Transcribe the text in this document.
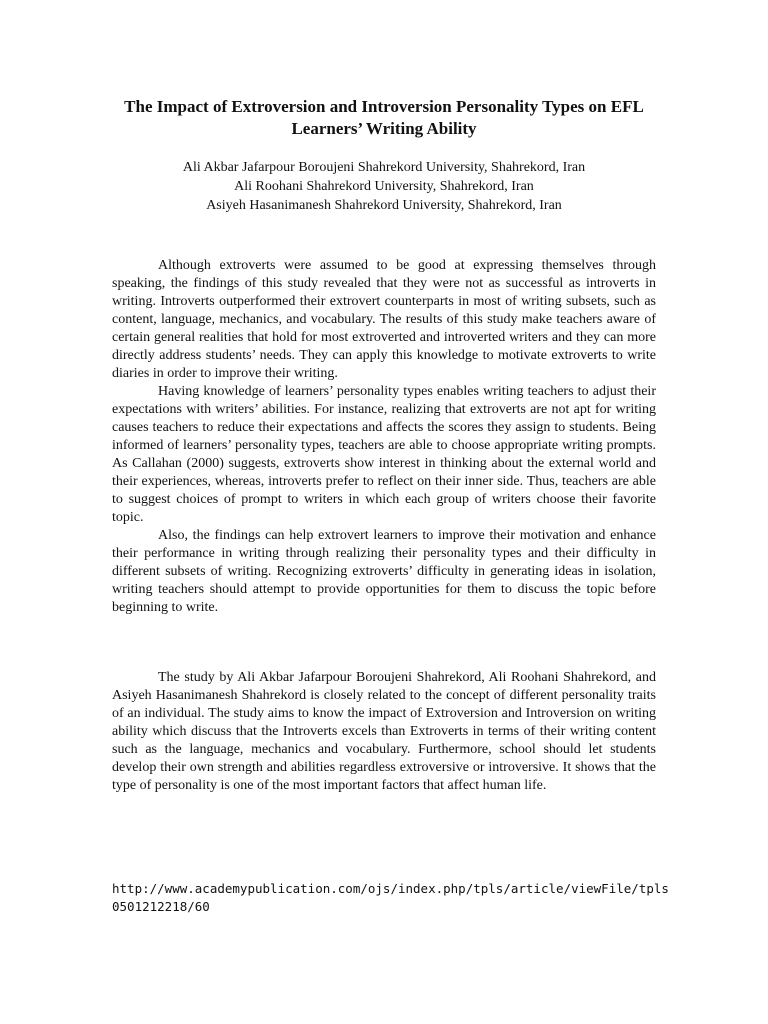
The Impact of Extroversion and Introversion Personality Types on EFL
Learners’ Writing Ability
Ali Akbar Jafarpour Boroujeni Shahrekord University, Shahrekord, Iran
Ali Roohani Shahrekord University, Shahrekord, Iran
Asiyeh Hasanimanesh Shahrekord University, Shahrekord, Iran

Although extroverts were assumed to be good at expressing themselves through speaking, the findings of this study revealed that they were not as successful as introverts in writing. Introverts outperformed their extrovert counterparts in most of writing subsets, such as content, language, mechanics, and vocabulary. The results of this study make teachers aware of certain general realities that hold for most extroverted and introverted writers and they can more directly address students’ needs. They can apply this knowledge to motivate extroverts to write diaries in order to improve their writing.

Having knowledge of learners’ personality types enables writing teachers to adjust their expectations with writers’ abilities. For instance, realizing that extroverts are not apt for writing causes teachers to reduce their expectations and affects the scores they assign to students. Being informed of learners’ personality types, teachers are able to choose appropriate writing prompts. As Callahan (2000) suggests, extroverts show interest in thinking about the external world and their experiences, whereas, introverts prefer to reflect on their inner side. Thus, teachers are able to suggest choices of prompt to writers in which each group of writers choose their favorite topic.

Also, the findings can help extrovert learners to improve their motivation and enhance their performance in writing through realizing their personality types and their difficulty in different subsets of writing. Recognizing extroverts’ difficulty in generating ideas in isolation, writing teachers should attempt to provide opportunities for them to discuss the topic before beginning to write.

The study by Ali Akbar Jafarpour Boroujeni Shahrekord, Ali Roohani Shahrekord, and Asiyeh Hasanimanesh Shahrekord is closely related to the concept of different personality traits of an individual. The study aims to know the impact of Extroversion and Introversion on writing ability which discuss that the Introverts excels than Extroverts in terms of their writing content such as the language, mechanics and vocabulary. Furthermore, school should let students develop their own strength and abilities regardless extroversive or introversive. It shows that the type of personality is one of the most important factors that affect human life.

http://www.academypublication.com/ojs/index.php/tpls/article/viewFile/tpls0501212218/60
